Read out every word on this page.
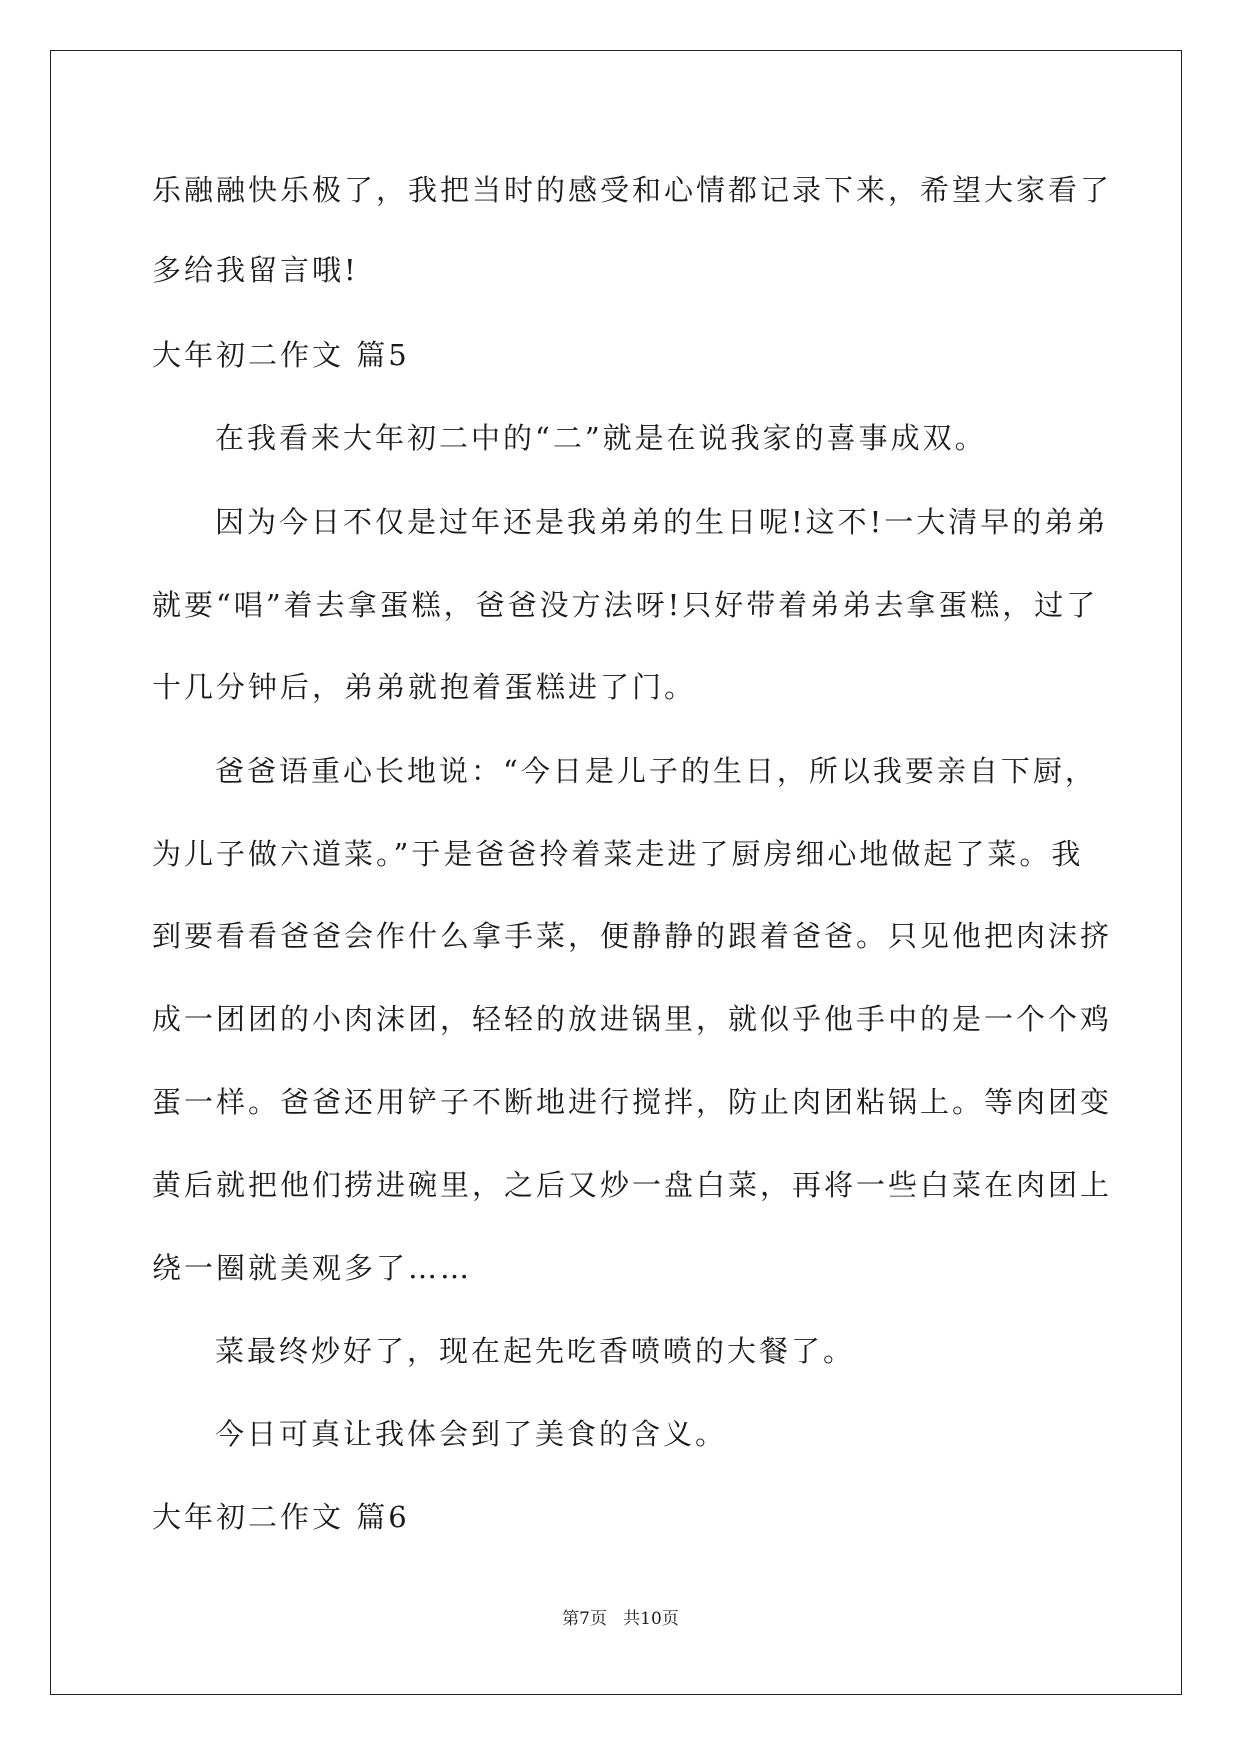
乐融融快乐极了，我把当时的感受和心情都记录下来，希望大家看了
多给我留言哦!
大年初二作文 篇5
在我看来大年初二中的“二”就是在说我家的喜事成双。
因为今日不仅是过年还是我弟弟的生日呢!这不!一大清早的弟弟
就要“唱”着去拿蛋糕，爸爸没方法呀!只好带着弟弟去拿蛋糕，过了
十几分钟后，弟弟就抱着蛋糕进了门。
爸爸语重心长地说：“今日是儿子的生日，所以我要亲自下厨，
为儿子做六道菜。”于是爸爸拎着菜走进了厨房细心地做起了菜。我
到要看看爸爸会作什么拿手菜，便静静的跟着爸爸。只见他把肉沫挤
成一团团的小肉沫团，轻轻的放进锅里，就似乎他手中的是一个个鸡
蛋一样。爸爸还用铲子不断地进行搅拌，防止肉团粘锅上。等肉团变
黄后就把他们捞进碗里，之后又炒一盘白菜，再将一些白菜在肉团上
绕一圈就美观多了……
菜最终炒好了，现在起先吃香喷喷的大餐了。
今日可真让我体会到了美食的含义。
大年初二作文 篇6
第7页   共10页
